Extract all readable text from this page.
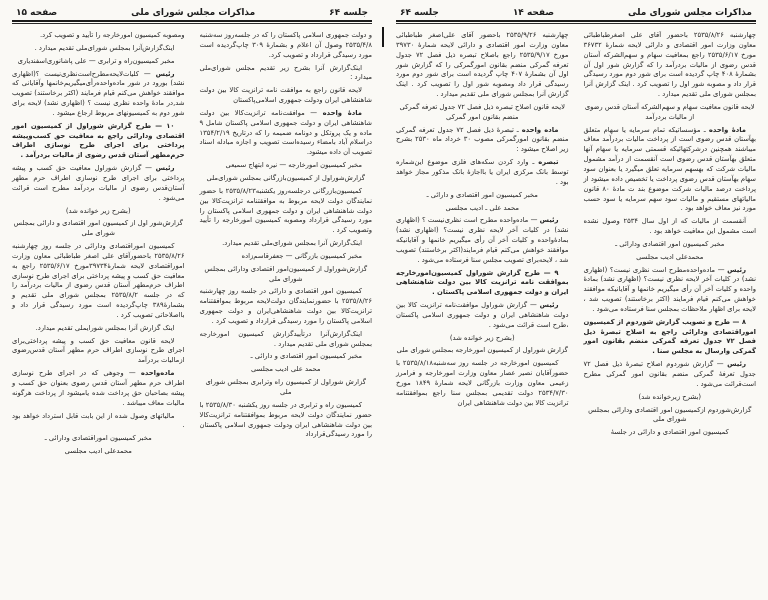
جلسه ۶۴
مذاکرات مجلس شورای ملی
صفحه ۱۵

و دولت جمهوری اسلامی پاکستان را که در جلسه‌روز سه‌شنبه ۲۵۳۵/۴/۸ وصول آن اعلام و بشمارهٔ ۳۰۹ چاپ‌گردیده است مورد رسیدگی قرارداد و تصویب کرد.

اینک‌گزارش آنرا بشرح زیر تقدیم مجلس شورای‌ملی میدارد :

لایحه قانون راجع به موافقت نامه ترانزیت کالا بین دولت شاهنشاهی ایران ودولت جمهوری اسلامی‌پاکستان

مادهٔ واحده — موافقت‌نامه ترانزیت‌کالا بین دولت شاهنشاهی ایران و دولت جمهوری اسلامی پاکستان شامل ۹ ماده و یک پروتکل و دونامه ضمیمه را که درتاریخ ۱۳۵۴/۲/۱۹ دراسلام آباد بامضاء رسیده‌است تصویب و اجازه مبادله اسناد تصویب آن داده میشود.

مخبر کمیسیون امورخارجه — نیره ابتهاج سمیعی

گزارش‌شوراول از کمیسیون‌بازرگانی بمجلس شورای‌ملی

کمیسیون‌بازرگانی درجلسه‌روز یکشنبه۲۵۳۵/۸/۲۳ با حضور نمایندگان دولت لایحه مربوط به موافقتنامه ترانزیت‌کالا بین دولت شاهنشاهی ایران و دولت جمهوری اسلامی پاکستان را مورد رسیدگی قرارداد ومصوبه کمیسیون امورخارجه را تأیید وتصویب کرد .

اینک‌گزارش آنرا بمجلس شورای‌ملی تقدیم میدارد.

مخبر کمیسیون بازرگانی — جعفرقاسم‌زاده

گزارش‌شوراول از کمیسیون‌امور اقتصادی ودارائی بمجلس شورای ملی

کمیسیون امور اقتصادی و دارائی در جلسه روز چهارشنبه ۲۵۳۵/۸/۲۶ با حضورنمایندگان دولت‌لایحه مربوط بموافقتنامه ترانزیت‌کالا بین دولت شاهنشاهی‌ایران و دولت جمهوری اسلامی پاکستان را مورد رسیدگی قرارداد و تصویب کرد .

اینک‌گزارش‌آنرا درتأییدگزارش کمیسیون امورخارجه بمجلس شورای ملی تقدیم میدارد .

مخبر کمیسیون امور اقتصادی و دارائی ـ

محمد علی ادیب مجلسی

گزارش شوراول از کمیسیون راه وترابری بمجلس شورای ملی

کمیسیون راه و ترابری در جلسه روز یکشنبه ۲۵۳۵/۸/۳۰ با حضور نمایندگان دولت لایحه مربوط بموافقتنامه ترانزیت‌کالا بین دولت شاهنشاهی ایران ودولت جمهوری اسلامی پاکستان را مورد رسیدگی‌قرارداد

ومصوبه کمیسیون امورخارجه را تأیید و تصویب کرد.

اینک‌گزارش‌آنرا بمجلس شورای‌ملی تقدیم میدارد .

مخبر کمیسیون‌راه و ترابری — علی پاشانوری‌اسفندیاری

رئیس — کلیات‌لایحه‌مطرح‌است‌نظری‌نیست ؟(اظهاری نشد) بورود در شور ماده‌واحده‌رأی‌میگیریم‌خانمها وآقایانی که موافقند خواهش می‌کنم قیام فرمایند (اکثر برخاستند) تصویب شد,در مادهٔ واحده نظری نیست ؟ (اظهاری نشد) لایحه برای شور دوم به کمیسیونهای مربوط ارجاع میشود .

۱۰ — طرح گزارش شوراول از کمیسیون امور اقتصادی ودارائی راجع به معافیت حق کسب‌وپیشه پرداختی برای اجرای طرح نوسازی اطراف حرم‌مطهر آستان قدس رضوی از مالیات بردرآمد .

رئیس — گزارش شوراول معافیت حق کسب و پیشه پرداختی برای اجرای طرح نوسازی اطراف حرم مطهر آستان‌قدس رضوی از مالیات بردرآمد مطرح است قرائت می‌شود .

(بشرح زیر خوانده شد)

گزارش‌شور اول از کمیسیون امور اقتصادی و دارائی بمجلس شورای ملی

کمیسیون اموراقتصادی ودارائی در جلسه روز چهارشنبه ۲۵۳۵/۸/۲۶ باحضورآقای علی اصغر طباطبائی معاون وزارت اموراقتصادی لایحه شمارهٔ۳۹۷۳۴مورخ ۲۵۳۵/۶/۱۷ راجع به معافیت حق کسب و پیشه پرداختی برای اجرای طرح نوسازی اطراف حرم‌مطهر آستان قدس رضوی از مالیات بردرآمد را که در جلسه ۲۵۳۵/۸/۲ بمجلس شورای ملی تقدیم و بشمارهٔ۳۸۹ چاپ‌گردیده است مورد رسیدگی قرار داد و بااصلاحاتی تصویب کرد .

اینک گزارش آنرا بمجلس شورایملی تقدیم میدارد.

لایحه قانون معافیت حق کسب و پیشه پرداختی‌برای اجرای طرح نوسازی اطراف حرم مطهر آستان قدس‌رضوی ازمالیات بردرآمد

ماده‌واحده — وجوهی که در اجرای طرح نوسازی اطراف حرم مطهر آستان قدس رضوی بعنوان حق کسب و پیشه بصاحبان حق پرداخت شده یامیشود از پرداخت هرگونه مالیات معاف میباشد .

مالیاتهای وصول شده از این بابت قابل استرداد خواهد بود .

مخبر کمیسیون اموراقتصادی ودارائی ـ

محمدعلی ادیب مجلسی

مذاکرات مجلس شورای ملی
صفحه ۱۴
جلسه ۶۴

چهارشنبه ۲۵۳۵/۸/۲۶ باحضور آقای علی اصغرطباطبائی معاون وزارت امور اقتصادی و دارائی لایحه شمارهٔ ۳۶۷۳۲ مورخ ۲۵۳۵/۶/۱۷ راجع بمعافیت سهام و سهم‌الشرکه آستان قدس رضوی از مالیات بردرآمد را که گزارش شور اول آن بشمارهٔ ۴۰۸ چاپ گردیده است برای شور دوم مورد رسیدگی قرار داد و مصوبه شور اول را تصویب کرد . اینک گزارش آنرا بمجلس شورای ملی تقدیم میدارد .

لایحه قانون معافیت سهام و سهم‌الشرکه آستان قدس رضوی از مالیات بردرآمد

مادهٔ واحده ـ مؤسساتیکه تمام سرمایه یا سهام متعلق بهآستان قدس رضوی است از پرداخت مالیات بردرآمد معاف میباشند همچنین درشرکتهائیکه قسمتی سرمایه یا سهام آنها متعلق بهآستان قدس رضوی است آنقسمت از درآمد مشمول مالیات شرکت که بهسهم سرمایه تعلق میگیرد یا بعنوان سود سهام بهآستان قدس رضوی پرداخت یا تخصیص داده میشود از پرداخت درصد مالیات شرکت موضوع بند ت مادهٔ ۸۰ قانون مالیاتهای مستقیم و مالیات سود سهم سرمایه یا سود حسب مورد نیز معاف خواهد بود .

آنقسمت از مالیات که از اول سال ۲۵۳۴ وصول نشده است مشمول این معافیت خواهد بود .

مخبر کمیسیون امور اقتصادی ودارائی ـ

محمدعلی ادیب مجلسی

رئیس — ماده‌واحده‌مطرح است نظری نیست؟ (اظهاری نشد) در کلیات آخر لایحه نظری نیست؟ (اظهاری نشد) بمادهٔ واحده و کلیات آخر آن رأی میگیریم خانمها و آقایانیکه موافقند خواهش می‌کنم قیام فرمایند (اکثر برخاستند) تصویب شد ، لایحه برای اظهار ملاحظات بمجلس سنا فرستاده می‌شود .

۸ — طرح و تصویب گزارش شوردوم از کمیسیون اموراقتصادی ودارائی راجع به اصلاح تبصرهٔ ذیل فصل ۷۲ جدول تعرفه گمرکی منضم بقانون امور گمرکی وارسال به مجلس سنا .

رئیس — گزارش شوردوم اصلاح تبصرهٔ ذیل فصل ۷۲ جدول تعرفهٔ گمرکی منضم بقانون امور گمرکی مطرح است‌قرائت می‌شود .

(بشرح زیرخوانده شد)

گزارش‌شوردوم ازکمیسیون امور اقتصادی ودارائی بمجلس شورای ملی

کمیسیون امور اقتصادی و دارائی در جلسهٔ

چهارشنبه ۲۵۳۵/۹/۲۶ باحضور آقای علی‌اصغر طباطبائی معاون وزارت امور اقتصادی و دارائی لایحه شمارهٔ ۳۹۷۳۰ مورخ ۲۵۳۵/۹/۱۷ راجع باصلاح تبصره ذیل فصل ۷۲ جدول تعرفه گمرکی منضم بقانون امورگمرکی را که گزارش شور اول آن بشمارهٔ ۴۰۷ چاپ گردیده است برای شور دوم مورد رسیدگی قرار داد ومصوبه شور اول را تصویب کرد . اینک گزارش آنرا بمجلس شورای ملی تقدیم میدارد .

لایحه قانون اصلاح تبصره ذیل فصل ۷۲ جدول تعرفه گمرکی منضم بقانون امور گمرکی

ماده واحده ـ تبصرهٔ ذیل فصل ۷۲ جدول تعرفه گمرکی منضم بقانون امورگمرکی مصوب ۳۰ خرداد ماه ۲۵۳۰ بشرح زیر اصلاح میشود :

تبصره ـ وارد کردن سکه‌های فلزی موضوع این‌شماره توسط بانک مرکزی ایران یا بااجازهٔ بانک مذکور مجاز خواهد بود .

مخبر کمیسیون امور اقتصادی و دارائی ـ

محمد علی ـ ادیب مجلسی

رئیس — ماده‌واحده مطرح است نظری‌نیست ؟ (اظهاری نشد) در کلیات آخر لایحه نظری نیست؟ (اظهاری نشد) بمادهٔ‌واحده و کلیات آخر آن رأی میگیریم خانمها و آقایانیکه موافقند خواهش می‌کنم قیام فرمایند(اکثر برخاستند) تصویب شد ، لایحه‌برای تصویب مجلس سنا فرستاده می‌شود .

۹ — طرح گزارش شوراول کمیسیون‌امورخارجه بموافقت نامه ترانزیت کالا بین دولت شاهنشاهی ایران و دولت جمهوری اسلامی پاکستان .

رئیس — گزارش شوراول موافقت‌نامه ترانزیت کالا بین دولت شاهنشاهی ایران و دولت جمهوری اسلامی پاکستان ،طرح است قرائت می‌شود .

(بشرح زیر خوانده شد)

گزارش شوراول از کمیسیون امورخارجه بمجلس شورای ملی

کمیسیون امورخارجه در جلسه روز سه‌شنبه۲۵۳۵/۸/۱۸ با حضورآقایان نصیر عصار معاون وزارت امورخارجه و فرامرز زعیمی معاون وزارت بازرگانی لایحه شمارهٔ ۱۸۴۹ مورخ ۲۵۳۴/۷/۳۰ دولت تقدیمی بمجلس سنا راجع بموافقتنامه ترانزیت کالا بین دولت شاهنشاهی ایران
